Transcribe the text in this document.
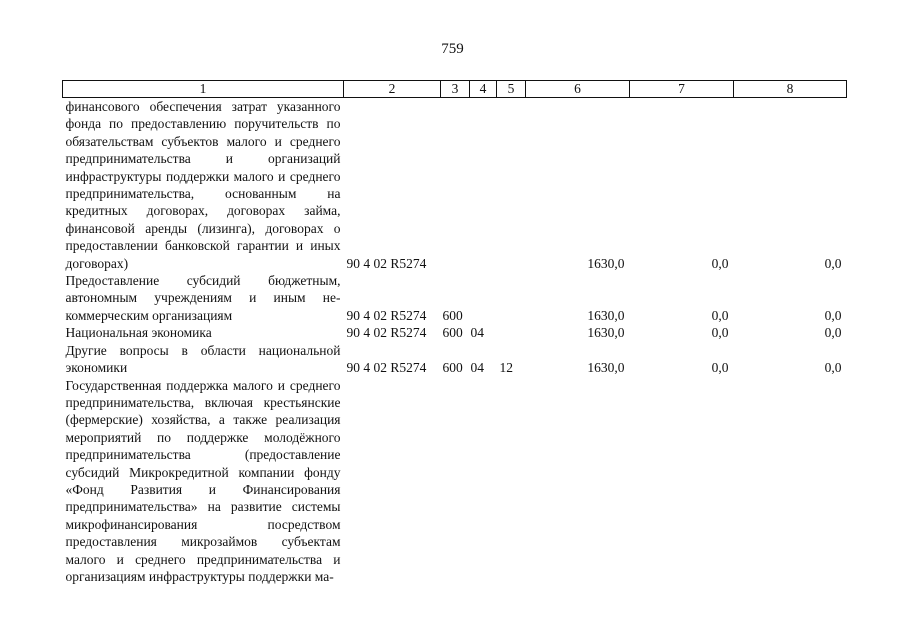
759
1	2	3	4	5	6	7	8
финансового обеспечения затрат указанного фонда по предоставлению поручительств по обязательствам субъектов малого и среднего предпринимательства и организаций инфраструктуры поддержки малого и среднего предпринимательства, основанным на кредитных договорах, договорах займа, финансовой аренды (лизинга), договорах о предоставлении банковской гарантии и иных договорах)	90 4 02 R5274				1630,0	0,0	0,0
Предоставление субсидий бюджетным, автономным учреждениям и иным некоммерческим организациям	90 4 02 R5274	600			1630,0	0,0	0,0
Национальная экономика	90 4 02 R5274	600	04		1630,0	0,0	0,0
Другие вопросы в области национальной экономики	90 4 02 R5274	600	04	12	1630,0	0,0	0,0
Государственная поддержка малого и среднего предпринимательства, включая крестьянские (фермерские) хозяйства, а также реализация мероприятий по поддержке молодёжного предпринимательства (предоставление субсидий Микрокредитной компании фонду «Фонд Развития и Финансирования предпринимательства» на развитие системы микрофинансирования посредством предоставления микрозаймов субъектам малого и среднего предпринимательства и организациям инфраструктуры поддержки ма-							
